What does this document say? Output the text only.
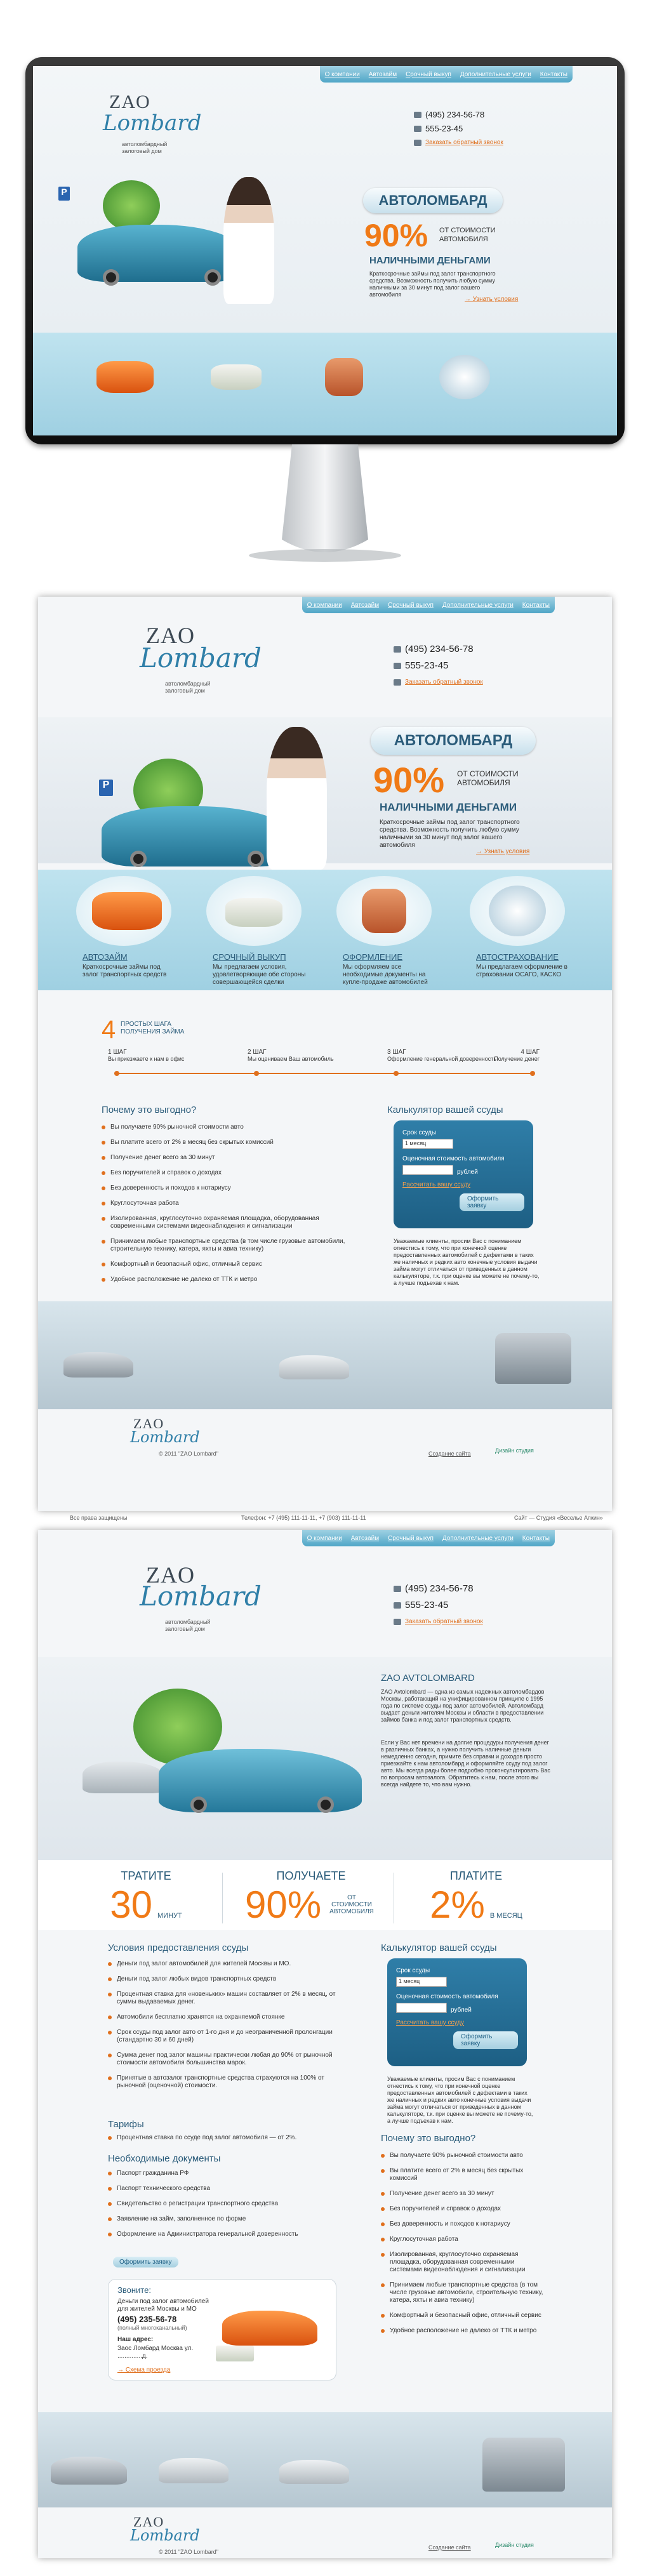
О компании Автозайм Срочный выкуп Дополнительные услуги Контакты
ZAO
Lombard
автоломбардный залоговый дом
(495) 234-56-78
555-23-45
Заказать обратный звонок
P
АВТОЛОМБАРД
90% ОТ СТОИМОСТИ АВТОМОБИЛЯ
НАЛИЧНЫМИ ДЕНЬГАМИ
Краткосрочные займы под залог транспортного средства. Возможность получить любую сумму наличными за 30 минут под залог вашего автомобиля
→ Узнать условия
О компании Автозайм Срочный выкуп Дополнительные услуги Контакты
ZAO
Lombard
автоломбардный залоговый дом
(495) 234-56-78
555-23-45
Заказать обратный звонок
P
АВТОЛОМБАРД
90% ОТ СТОИМОСТИ АВТОМОБИЛЯ
НАЛИЧНЫМИ ДЕНЬГАМИ
Краткосрочные займы под залог транспортного средства. Возможность получить любую сумму наличными за 30 минут под залог вашего автомобиля
→ Узнать условия
АВТОЗАЙМ
Краткосрочные займы под залог транспортных средств
СРОЧНЫЙ ВЫКУП
Мы предлагаем условия, удовлетворяющие обе стороны совершающейся сделки
ОФОРМЛЕНИЕ
Мы оформляем все необходимые документы на купле-продаже автомобилей
АВТОСТРАХОВАНИЕ
Мы предлагаем оформление в страховании ОСАГО, КАСКО
4 ПРОСТЫХ ШАГА ПОЛУЧЕНИЯ ЗАЙМА
1 ШАГ
Вы приезжаете к нам в офис
2 ШАГ
Мы оцениваем Ваш автомобиль
3 ШАГ
Оформление генеральной доверенность
4 ШАГ
Получение денег
Почему это выгодно?
Вы получаете 90% рыночной стоимости авто
Вы платите всего от 2% в месяц без скрытых комиссий
Получение денег всего за 30 минут
Без поручителей и справок о доходах
Без доверенность и походов к нотариусу
Круглосуточная работа
Изолированная, круглосуточно охраняемая площадка, оборудованная современными системами видеонаблюдения и сигнализации
Принимаем любые транспортные средства (в том числе грузовые автомобили, строительную технику, катера, яхты и авиа технику)
Комфортный и безопасный офис, отличный сервис
Удобное расположение не далеко от ТТК и метро
Калькулятор вашей ссуды
Срок ссуды
1 месяц
Оценочная стоимость автомобиля
рублей
Рассчитать вашу ссуду
Оформить заявку
Уважаемые клиенты, просим Вас с пониманием отнестись к тому, что при конечной оценке предоставленных автомобилей с дефектами в таких же наличных и редких авто конечные условия выдачи займа могут отличаться от приведенных в данном калькуляторе, т.к. при оценке вы можете не почему-то, а лучше подъехав к нам.
ZAO
Lombard
© 2011 "ZAO Lombard"	Создание сайта	Дизайн студия
Все права защищены	Телефон: +7 (495) 111-11-11, +7 (903) 111-11-11	Сайт — Студия «Веселье Апкин»
О компании Автозайм Срочный выкуп Дополнительные услуги Контакты
ZAO
Lombard
автоломбардный залоговый дом
(495) 234-56-78
555-23-45
Заказать обратный звонок
ZAO AVTOLOMBARD
ZAO Avtolombard — одна из самых надежных автоломбардов Москвы, работающий на унифицированном принципе с 1995 года по системе ссуды под залог автомобилей. Автоломбард выдает деньги жителям Москвы и области в предоставлении займов банка и под залог транспортных средств.
Если у Вас нет времени на долгие процедуры получения денег в различных банках, а нужно получить наличные деньги немедленно сегодня, примите без справки и доходов просто приезжайте к нам автоломбард и оформляйте ссуду под залог авто. Мы всегда рады более подробно проконсультировать Вас по вопросам автозалога. Обратитесь к нам, после этого вы всегда найдете то, что вам нужно.
ТРАТИТЕ
30 МИНУТ
ПОЛУЧАЕТЕ
90%	ОТ СТОИМОСТИ АВТОМОБИЛЯ
ПЛАТИТЕ
2% В МЕСЯЦ
Условия предоставления ссуды
Деньги под залог автомобилей для жителей Москвы и МО.
Деньги под залог любых видов транспортных средств
Процентная ставка для «новеньких» машин составляет от 2% в месяц, от суммы выдаваемых денег.
Автомобили бесплатно хранятся на охраняемой стоянке
Срок ссуды под залог авто от 1-го дня и до неограниченной пролонгации (стандартно 30 и 60 дней)
Сумма денег под залог машины практически любая до 90% от рыночной стоимости автомобиля большинства марок.
Принятые в автозалог транспортные средства страхуются на 100% от рыночной (оценочной) стоимости.
Тарифы
Процентная ставка по ссуде под залог автомобиля — от 2%.
Необходимые документы
Паспорт гражданина РФ
Паспорт технического средства
Свидетельство о регистрации транспортного средства
Заявление на займ, заполненное по форме
Оформление на Администратора генеральной доверенность
Оформить заявку
Звоните:
Деньги под залог автомобилей для жителей Москвы и МО
(495) 235-56-78
(полный многоканальный)
Наш адрес:
Заос Ломбард Москва ул. ..............д.
→ Схема проезда
Калькулятор вашей ссуды
Срок ссуды
1 месяц
Оценочная стоимость автомобиля
рублей
Рассчитать вашу ссуду
Оформить заявку
Уважаемые клиенты, просим Вас с пониманием отнестись к тому, что при конечной оценке предоставленных автомобилей с дефектами в таких же наличных и редких авто конечные условия выдачи займа могут отличаться от приведенных в данном калькуляторе, т.к. при оценке вы можете не почему-то, а лучше подъехав к нам.
Почему это выгодно?
Вы получаете 90% рыночной стоимости авто
Вы платите всего от 2% в месяц без скрытых комиссий
Получение денег всего за 30 минут
Без поручителей и справок о доходах
Без доверенность и походов к нотариусу
Круглосуточная работа
Изолированная, круглосуточно охраняемая площадка, оборудованная современными системами видеонаблюдения и сигнализации
Принимаем любые транспортные средства (в том числе грузовые автомобили, строительную технику, катера, яхты и авиа технику)
Комфортный и безопасный офис, отличный сервис
Удобное расположение не далеко от ТТК и метро
ZAO
Lombard
© 2011 "ZAO Lombard"
Создание сайта	Дизайн студия
